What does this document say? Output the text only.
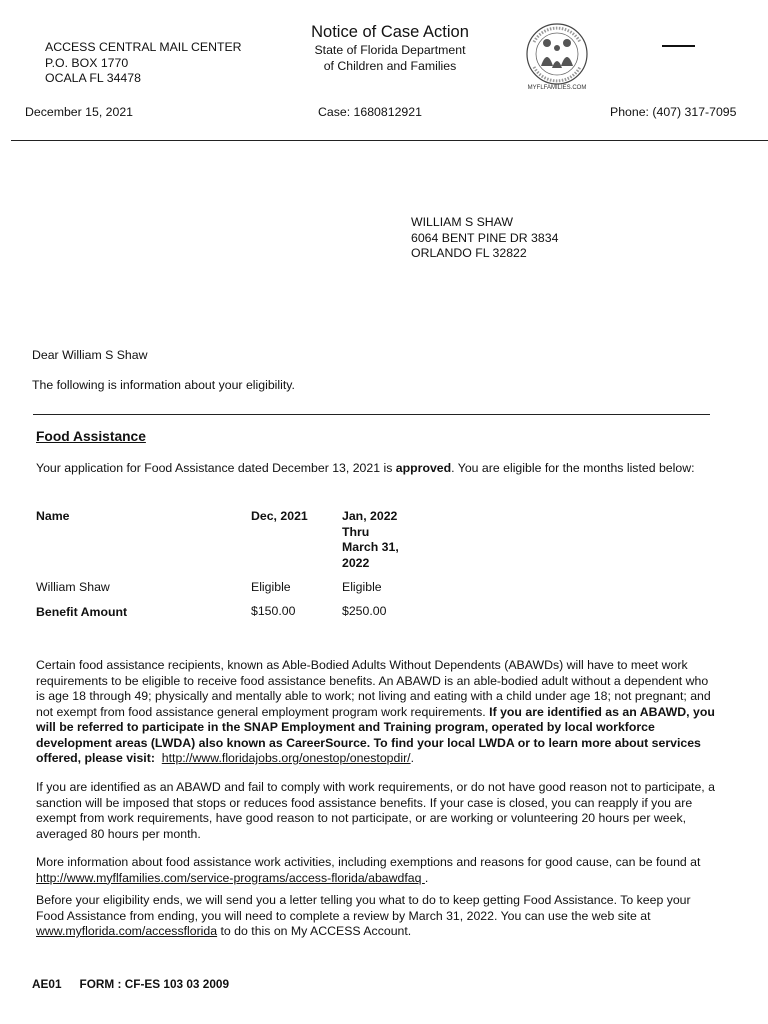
ACCESS CENTRAL MAIL CENTER
P.O. BOX 1770
OCALA FL 34478
Notice of Case Action
State of Florida Department
of Children and Families
MYFLFAMILIES.COM
December 15, 2021	Case: 1680812921	Phone: (407) 317-7095
WILLIAM S SHAW
6064 BENT PINE DR 3834
ORLANDO FL 32822
Dear William S Shaw
The following is information about your eligibility.
Food Assistance
Your application for Food Assistance dated December 13, 2021 is approved. You are eligible for the months listed below:
Name	Dec, 2021	Jan, 2022
Thru
March 31,
2022

William Shaw	Eligible	Eligible
Benefit Amount	$150.00	$250.00
Certain food assistance recipients, known as Able-Bodied Adults Without Dependents (ABAWDs) will have to meet work requirements to be eligible to receive food assistance benefits. An ABAWD is an able-bodied adult without a dependent who is age 18 through 49; physically and mentally able to work; not living and eating with a child under age 18; not pregnant; and not exempt from food assistance general employment program work requirements. If you are identified as an ABAWD, you will be referred to participate in the SNAP Employment and Training program, operated by local workforce development areas (LWDA) also known as CareerSource. To find your local LWDA or to learn more about services offered, please visit: http://www.floridajobs.org/onestop/onestopdir/.
If you are identified as an ABAWD and fail to comply with work requirements, or do not have good reason not to participate, a sanction will be imposed that stops or reduces food assistance benefits. If your case is closed, you can reapply if you are exempt from work requirements, have good reason to not participate, or are working or volunteering 20 hours per week, averaged 80 hours per month.
More information about food assistance work activities, including exemptions and reasons for good cause, can be found at http://www.myflfamilies.com/service-programs/access-florida/abawdfaq .
Before your eligibility ends, we will send you a letter telling you what to do to keep getting Food Assistance. To keep your Food Assistance from ending, you will need to complete a review by March 31, 2022. You can use the web site at www.myflorida.com/accessflorida to do this on My ACCESS Account.
AE01 FORM : CF-ES 103 03 2009
